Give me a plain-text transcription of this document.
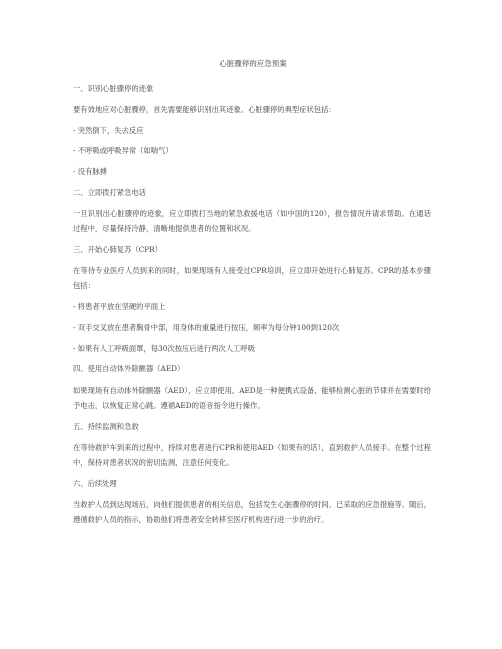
心脏骤停的应急预案
一、识别心脏骤停的迹象
要有效地应对心脏骤停，首先需要能够识别出其迹象。心脏骤停的典型症状包括：
- 突然倒下，失去反应
- 不呼吸或呼吸异常（如喘气）
- 没有脉搏
二、立即拨打紧急电话
一旦识别出心脏骤停的迹象，应立即拨打当地的紧急救援电话（如中国的120），报告情况并请求帮助。在通话过程中，尽量保持冷静，清晰地提供患者的位置和状况。
三、开始心肺复苏（CPR）
在等待专业医疗人员到来的同时，如果现场有人接受过CPR培训，应立即开始进行心肺复苏。CPR的基本步骤包括：
- 将患者平放在坚硬的平面上
- 双手交叉放在患者胸骨中部，用身体的重量进行按压，频率为每分钟100到120次
- 如果有人工呼吸面罩，每30次按压后进行两次人工呼吸
四、使用自动体外除颤器（AED）
如果现场有自动体外除颤器（AED），应立即使用。AED是一种便携式设备，能够检测心脏的节律并在需要时给予电击，以恢复正常心跳。遵循AED的语音指令进行操作。
五、持续监测和急救
在等待救护车到来的过程中，持续对患者进行CPR和使用AED（如果有的话），直到救护人员接手。在整个过程中，保持对患者状况的密切监测，注意任何变化。
六、后续处理
当救护人员到达现场后，向他们提供患者的相关信息，包括发生心脏骤停的时间、已采取的应急措施等。随后，遵循救护人员的指示，协助他们将患者安全转移至医疗机构进行进一步的治疗。
